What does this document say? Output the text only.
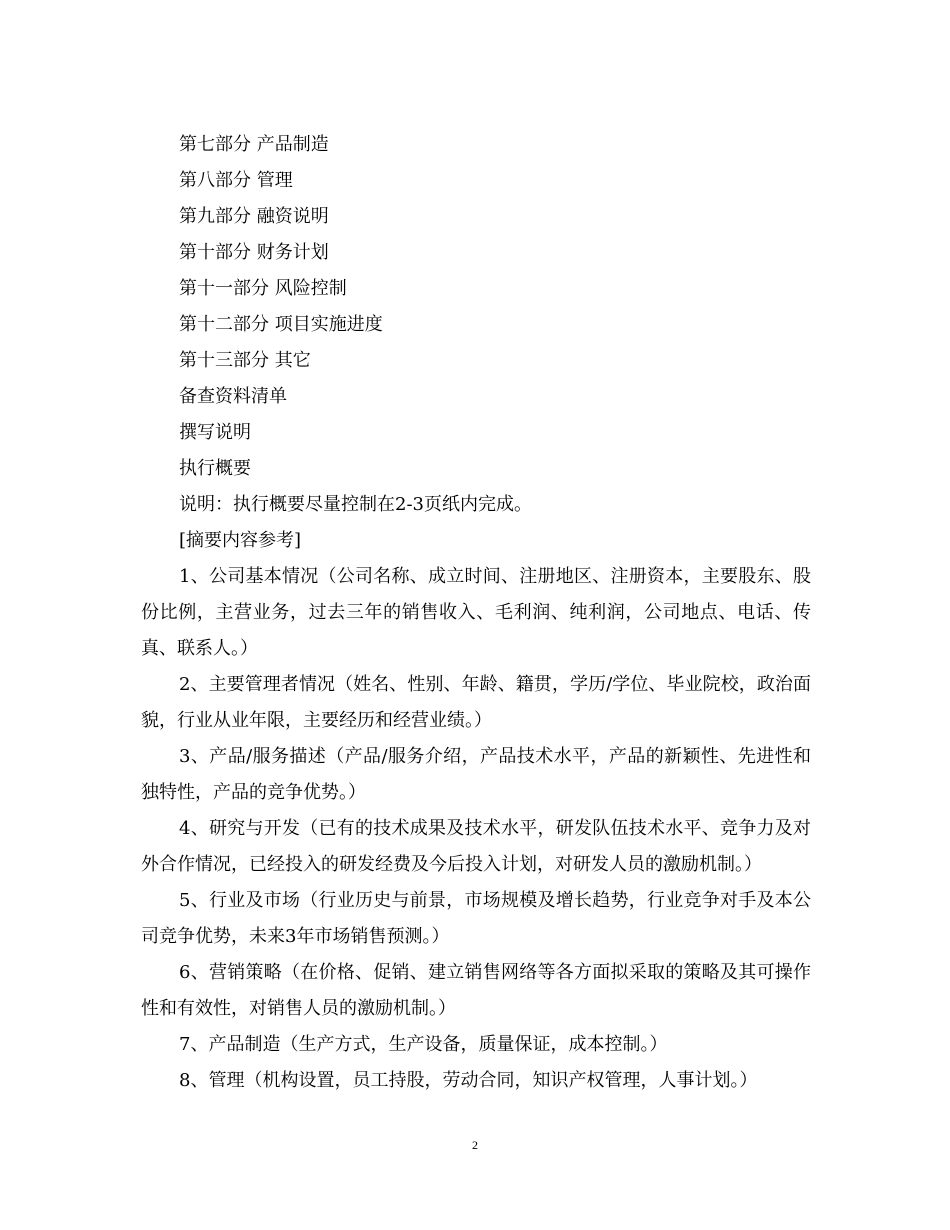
第七部分 产品制造
第八部分 管理
第九部分 融资说明
第十部分 财务计划
第十一部分 风险控制
第十二部分 项目实施进度
第十三部分 其它
备查资料清单
撰写说明
执行概要
说明：执行概要尽量控制在2-3页纸内完成。
[摘要内容参考]

1、公司基本情况（公司名称、成立时间、注册地区、注册资本，主要股东、股份比例，主营业务，过去三年的销售收入、毛利润、纯利润，公司地点、电话、传真、联系人。）

2、主要管理者情况（姓名、性别、年龄、籍贯，学历/学位、毕业院校，政治面貌，行业从业年限，主要经历和经营业绩。）

3、产品/服务描述（产品/服务介绍，产品技术水平，产品的新颖性、先进性和独特性，产品的竞争优势。）

4、研究与开发（已有的技术成果及技术水平，研发队伍技术水平、竞争力及对外合作情况，已经投入的研发经费及今后投入计划，对研发人员的激励机制。）

5、行业及市场（行业历史与前景，市场规模及增长趋势，行业竞争对手及本公司竞争优势，未来3年市场销售预测。）

6、营销策略（在价格、促销、建立销售网络等各方面拟采取的策略及其可操作性和有效性，对销售人员的激励机制。）

7、产品制造（生产方式，生产设备，质量保证，成本控制。）

8、管理（机构设置，员工持股，劳动合同，知识产权管理，人事计划。）

2
